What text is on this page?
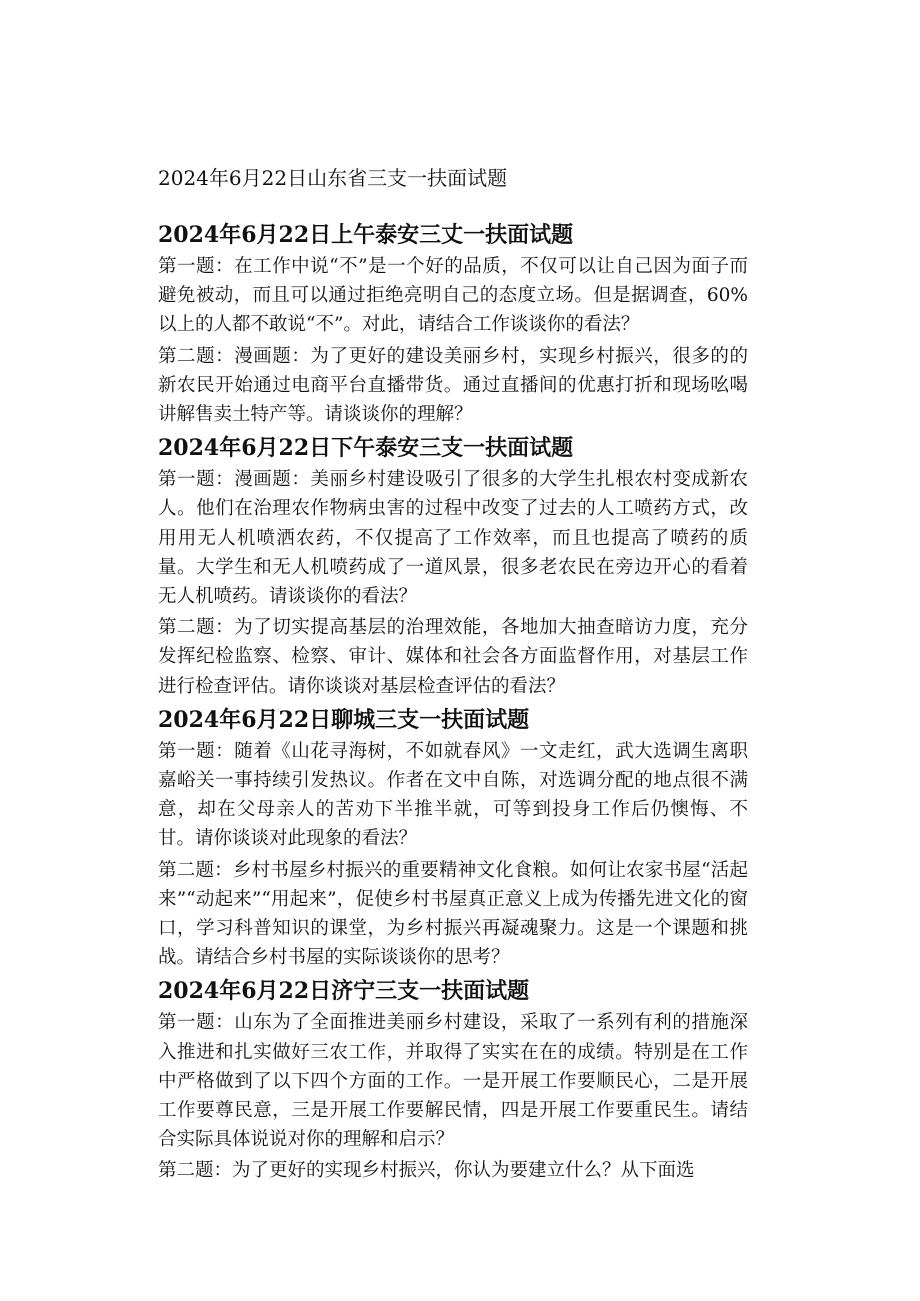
2024年6月22日山东省三支一扶面试题
2024年6月22日上午泰安三丈一扶面试题

第一题：在工作中说“不”是一个好的品质，不仅可以让自己因为面子而避免被动，而且可以通过拒绝亮明自己的态度立场。但是据调查，60%以上的人都不敢说“不”。对此，请结合工作谈谈你的看法？

第二题：漫画题：为了更好的建设美丽乡村，实现乡村振兴，很多的的新农民开始通过电商平台直播带货。通过直播间的优惠打折和现场吆喝讲解售卖土特产等。请谈谈你的理解？

2024年6月22日下午泰安三支一扶面试题

第一题：漫画题：美丽乡村建设吸引了很多的大学生扎根农村变成新农人。他们在治理农作物病虫害的过程中改变了过去的人工喷药方式，改用用无人机喷洒农药，不仅提高了工作效率，而且也提高了喷药的质量。大学生和无人机喷药成了一道风景，很多老农民在旁边开心的看着无人机喷药。请谈谈你的看法？

第二题：为了切实提高基层的治理效能，各地加大抽查暗访力度，充分发挥纪检监察、检察、审计、媒体和社会各方面监督作用，对基层工作进行检查评估。请你谈谈对基层检查评估的看法？

2024年6月22日聊城三支一扶面试题

第一题：随着《山花寻海树，不如就春风》一文走红，武大选调生离职嘉峪关一事持续引发热议。作者在文中自陈，对选调分配的地点很不满意，却在父母亲人的苦劝下半推半就，可等到投身工作后仍懊悔、不甘。请你谈谈对此现象的看法？

第二题：乡村书屋乡村振兴的重要精神文化食粮。如何让农家书屋“活起来”“动起来”“用起来”，促使乡村书屋真正意义上成为传播先进文化的窗口，学习科普知识的课堂，为乡村振兴再凝魂聚力。这是一个课题和挑战。请结合乡村书屋的实际谈谈你的思考？

2024年6月22日济宁三支一扶面试题

第一题：山东为了全面推进美丽乡村建设，采取了一系列有利的措施深入推进和扎实做好三农工作，并取得了实实在在的成绩。特别是在工作中严格做到了以下四个方面的工作。一是开展工作要顺民心，二是开展工作要尊民意，三是开展工作要解民情，四是开展工作要重民生。请结合实际具体说说对你的理解和启示？

第二题：为了更好的实现乡村振兴，你认为要建立什么？从下面选
